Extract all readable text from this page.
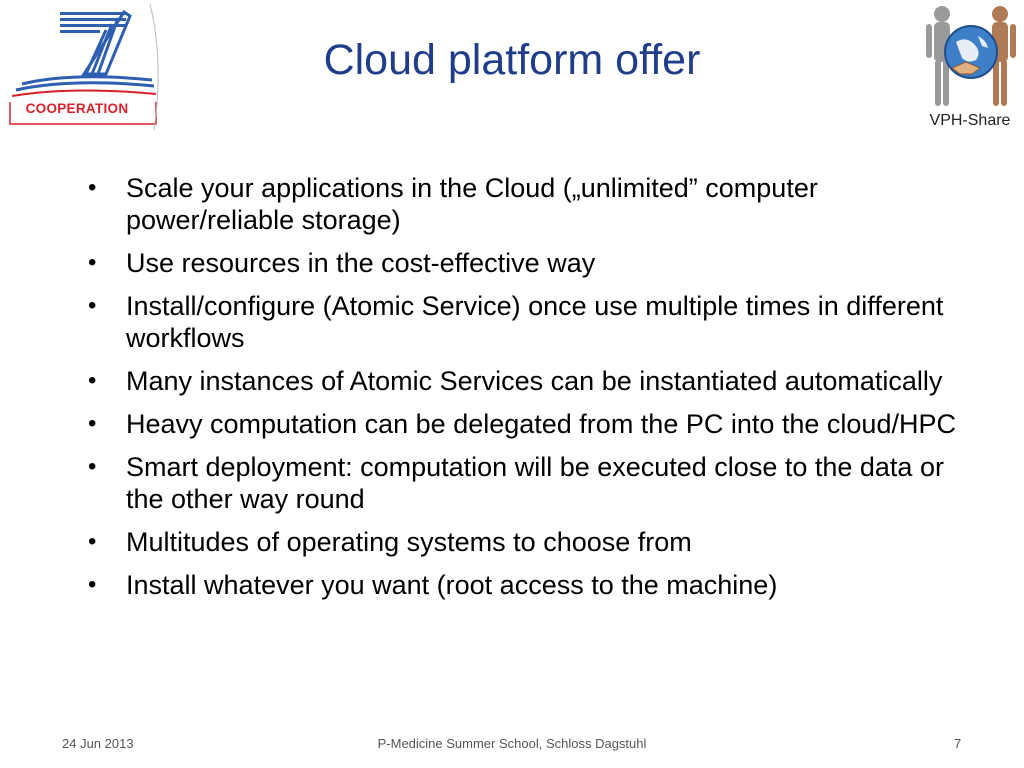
COOPERATION
Cloud platform offer
VPH-Share
• Scale your applications in the Cloud („unlimited” computer power/reliable storage)
• Use resources in the cost-effective way
• Install/configure (Atomic Service) once use multiple times in different workflows
• Many instances of Atomic Services can be instantiated automatically
• Heavy computation can be delegated from the PC into the cloud/HPC
• Smart deployment: computation will be executed close to the data or the other way round
• Multitudes of operating systems to choose from
• Install whatever you want (root access to the machine)
24 Jun 2013	P-Medicine Summer School, Schloss Dagstuhl	7
